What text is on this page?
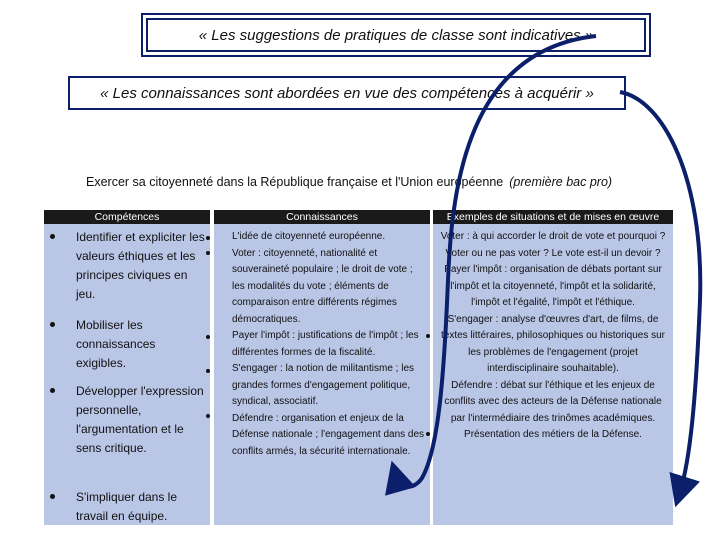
« Les suggestions de pratiques de classe sont indicatives »
« Les connaissances sont abordées en vue des compétences à acquérir »
Exercer sa citoyenneté dans la République française et l'Union européenne (première bac pro)
Compétences	Connaissances	Exemples de situations et de mises en œuvre
Identifier et expliciter les valeurs éthiques et les principes civiques en jeu.
Mobiliser les connaissances exigibles.
Développer l'expression personnelle, l'argumentation et le sens critique.
S'impliquer dans le travail en équipe.

L'idée de citoyenneté européenne.

Voter : citoyenneté, nationalité et souveraineté populaire ; le droit de vote ; les modalités du vote ; éléments de comparaison entre différents régimes démocratiques.

Payer l'impôt : justifications de l'impôt ; les différentes formes de la fiscalité.

S'engager : la notion de militantisme ; les grandes formes d'engagement politique, syndical, associatif.

Défendre : organisation et enjeux de la Défense nationale ; l'engagement dans des conflits armés, la sécurité internationale.

Voter : à qui accorder le droit de vote et pourquoi ? Voter ou ne pas voter ? Le vote est-il un devoir ?

Payer l'impôt : organisation de débats portant sur l'impôt et la citoyenneté, l'impôt et la solidarité, l'impôt et l'égalité, l'impôt et l'éthique.

S'engager : analyse d'œuvres d'art, de films, de textes littéraires, philosophiques ou historiques sur les problèmes de l'engagement (projet interdisciplinaire souhaitable).

Défendre : débat sur l'éthique et les enjeux de conflits avec des acteurs de la Défense nationale par l'intermédiaire des trinômes académiques. Présentation des métiers de la Défense.
